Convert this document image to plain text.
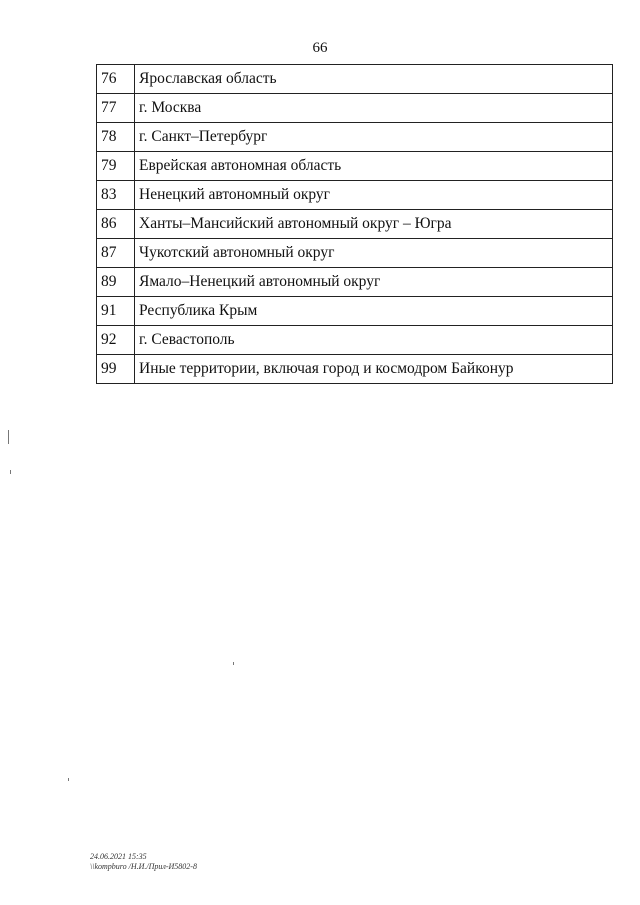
66
76	Ярославская область
77	г. Москва
78	г. Санкт–Петербург
79	Еврейская автономная область
83	Ненецкий автономный округ
86	Ханты–Мансийский автономный округ – Югра
87	Чукотский автономный округ
89	Ямало–Ненецкий автономный округ
91	Республика Крым
92	г. Севастополь
99	Иные территории, включая город и космодром Байконур
24.06.2021 15:35
\\kompburo /Н.И./Прил-И5802-8
